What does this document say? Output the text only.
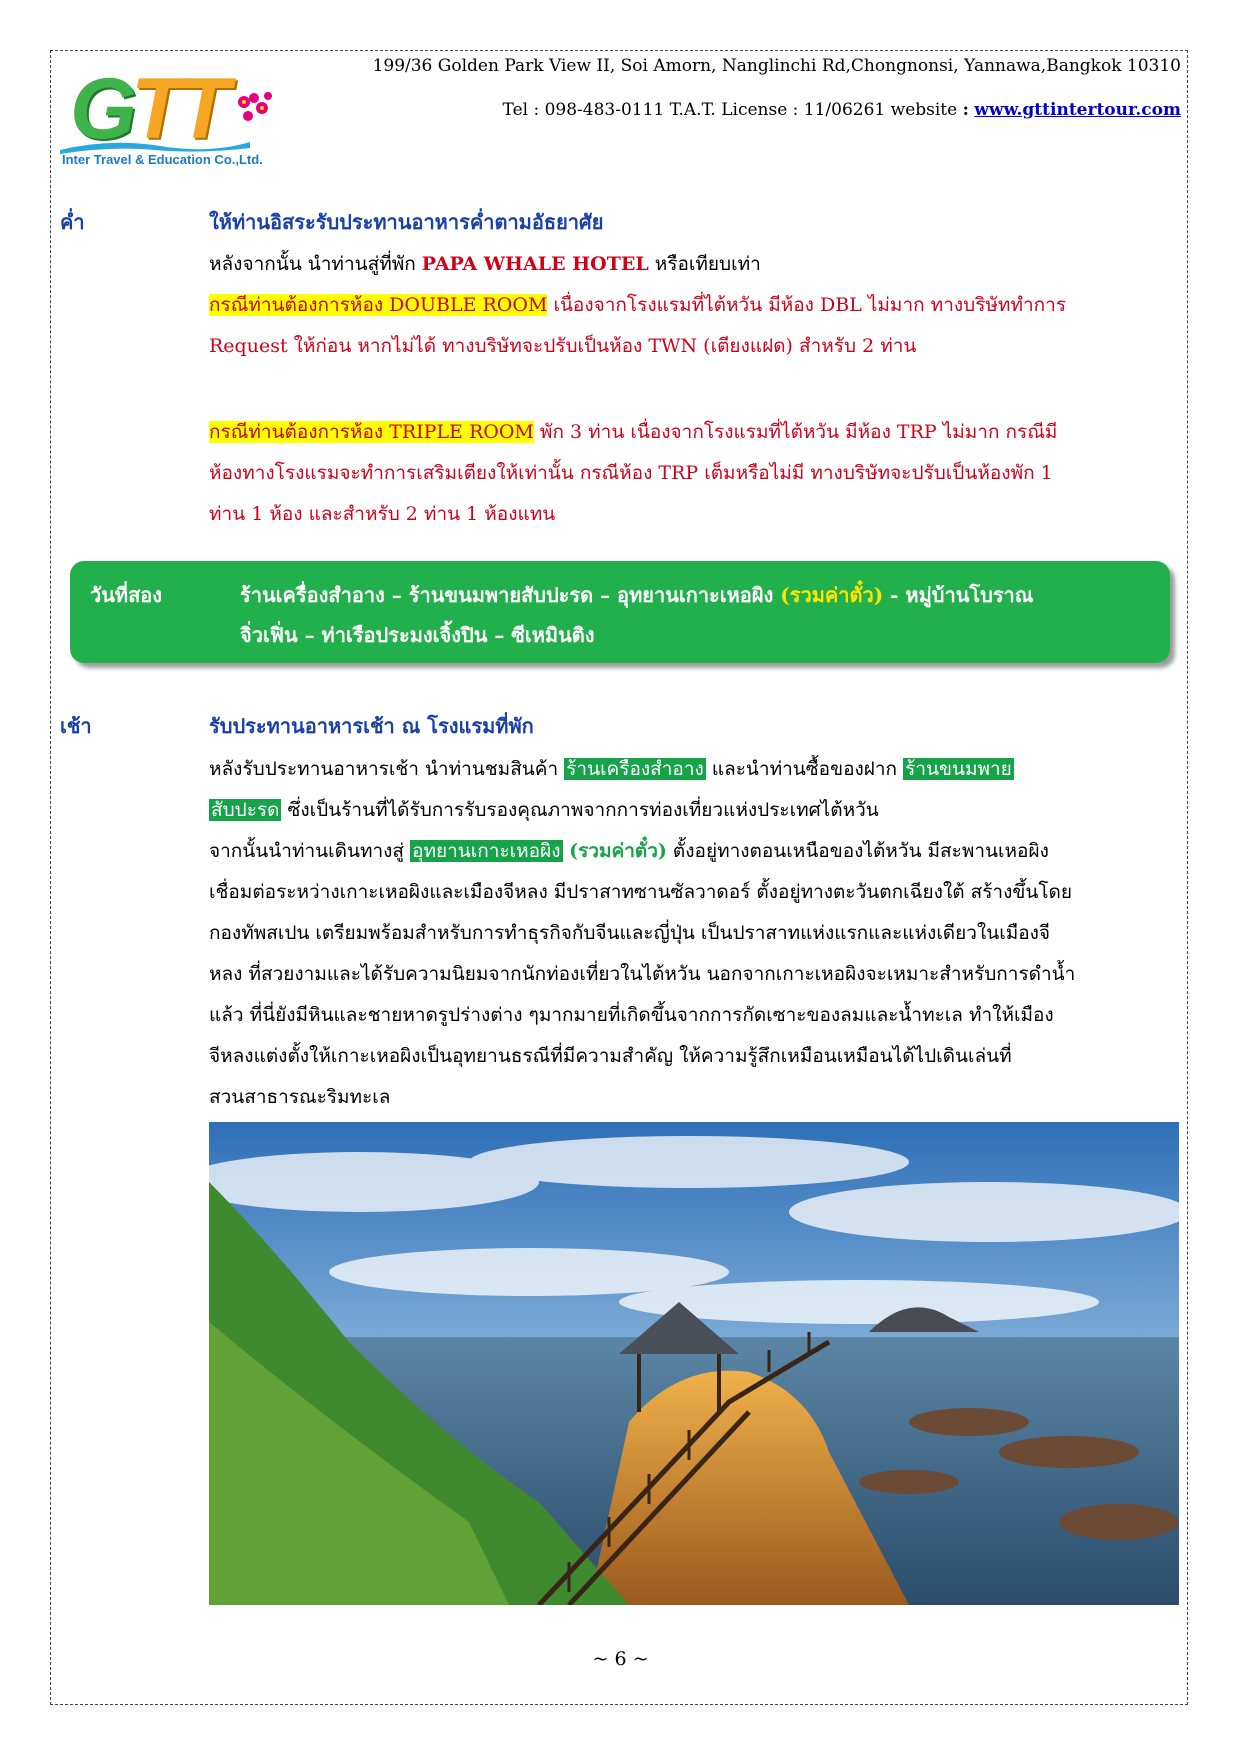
GTT
Inter Travel & Education Co.,Ltd.
199/36 Golden Park View II, Soi Amorn, Nanglinchi Rd,Chongnonsi, Yannawa,Bangkok 10310
Tel : 098-483-0111 T.A.T. License : 11/06261 website : www.gttintertour.com
ค่ำ	ให้ท่านอิสระรับประทานอาหารค่ำตามอัธยาศัย
หลังจากนั้น นำท่านสู่ที่พัก PAPA WHALE HOTEL หรือเทียบเท่า
กรณีท่านต้องการห้อง DOUBLE ROOM เนื่องจากโรงแรมที่ไต้หวัน มีห้อง DBL ไม่มาก ทางบริษัททำการ
Request ให้ก่อน หากไม่ได้ ทางบริษัทจะปรับเป็นห้อง TWN (เตียงแฝด) สำหรับ 2 ท่าน
กรณีท่านต้องการห้อง TRIPLE ROOM พัก 3 ท่าน เนื่องจากโรงแรมที่ไต้หวัน มีห้อง TRP ไม่มาก กรณีมี
ห้องทางโรงแรมจะทำการเสริมเตียงให้เท่านั้น กรณีห้อง TRP เต็มหรือไม่มี ทางบริษัทจะปรับเป็นห้องพัก 1
ท่าน 1 ห้อง และสำหรับ 2 ท่าน 1 ห้องแทน
วันที่สอง	ร้านเครื่องสำอาง – ร้านขนมพายสับปะรด – อุทยานเกาะเหอผิง (รวมค่าตั๋ว) - หมู่บ้านโบราณ
จิ่วเฟิ่น – ท่าเรือประมงเจิ้งปิน – ซีเหมินติง
เช้า	รับประทานอาหารเช้า ณ โรงแรมที่พัก
หลังรับประทานอาหารเช้า นำท่านชมสินค้า ร้านเครื่องสำอาง และนำท่านซื้อของฝาก ร้านขนมพาย
สับปะรด ซึ่งเป็นร้านที่ได้รับการรับรองคุณภาพจากการท่องเที่ยวแห่งประเทศไต้หวัน
จากนั้นนำท่านเดินทางสู่ อุทยานเกาะเหอผิง (รวมค่าตั๋ว) ตั้งอยู่ทางตอนเหนือของไต้หวัน มีสะพานเหอผิง
เชื่อมต่อระหว่างเกาะเหอผิงและเมืองจีหลง มีปราสาทซานซัลวาดอร์ ตั้งอยู่ทางตะวันตกเฉียงใต้ สร้างขึ้นโดย
กองทัพสเปน เตรียมพร้อมสำหรับการทำธุรกิจกับจีนและญี่ปุ่น เป็นปราสาทแห่งแรกและแห่งเดียวในเมืองจี
หลง ที่สวยงามและได้รับความนิยมจากนักท่องเที่ยวในไต้หวัน นอกจากเกาะเหอผิงจะเหมาะสำหรับการดำน้ำ
แล้ว ที่นี่ยังมีหินและชายหาดรูปร่างต่าง ๆมากมายที่เกิดขึ้นจากการกัดเซาะของลมและน้ำทะเล ทำให้เมือง
จีหลงแต่งตั้งให้เกาะเหอผิงเป็นอุทยานธรณีที่มีความสำคัญ ให้ความรู้สึกเหมือนเหมือนได้ไปเดินเล่นที่
สวนสาธารณะริมทะเล
~ 6 ~
